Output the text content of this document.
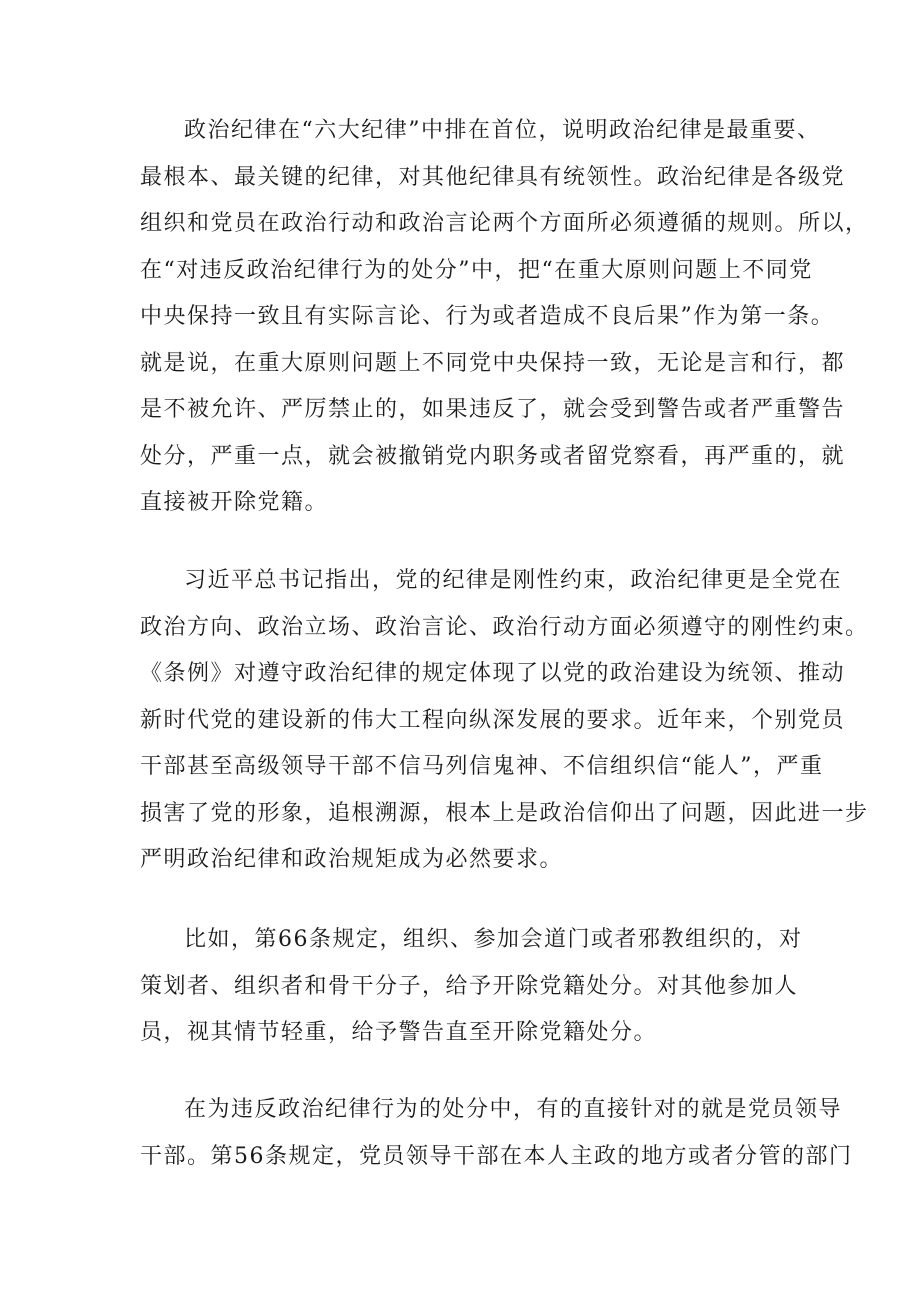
政治纪律在“六大纪律”中排在首位，说明政治纪律是最重要、
最根本、最关键的纪律，对其他纪律具有统领性。政治纪律是各级党
组织和党员在政治行动和政治言论两个方面所必须遵循的规则。所以，
在“对违反政治纪律行为的处分”中，把“在重大原则问题上不同党
中央保持一致且有实际言论、行为或者造成不良后果”作为第一条。
就是说，在重大原则问题上不同党中央保持一致，无论是言和行，都
是不被允许、严厉禁止的，如果违反了，就会受到警告或者严重警告
处分，严重一点，就会被撤销党内职务或者留党察看，再严重的，就
直接被开除党籍。

习近平总书记指出，党的纪律是刚性约束，政治纪律更是全党在
政治方向、政治立场、政治言论、政治行动方面必须遵守的刚性约束。
《条例》对遵守政治纪律的规定体现了以党的政治建设为统领、推动
新时代党的建设新的伟大工程向纵深发展的要求。近年来，个别党员
干部甚至高级领导干部不信马列信鬼神、不信组织信“能人”，严重
损害了党的形象，追根溯源，根本上是政治信仰出了问题，因此进一步
严明政治纪律和政治规矩成为必然要求。

比如，第66条规定，组织、参加会道门或者邪教组织的，对
策划者、组织者和骨干分子，给予开除党籍处分。对其他参加人
员，视其情节轻重，给予警告直至开除党籍处分。

在为违反政治纪律行为的处分中，有的直接针对的就是党员领导
干部。第56条规定，党员领导干部在本人主政的地方或者分管的部门
